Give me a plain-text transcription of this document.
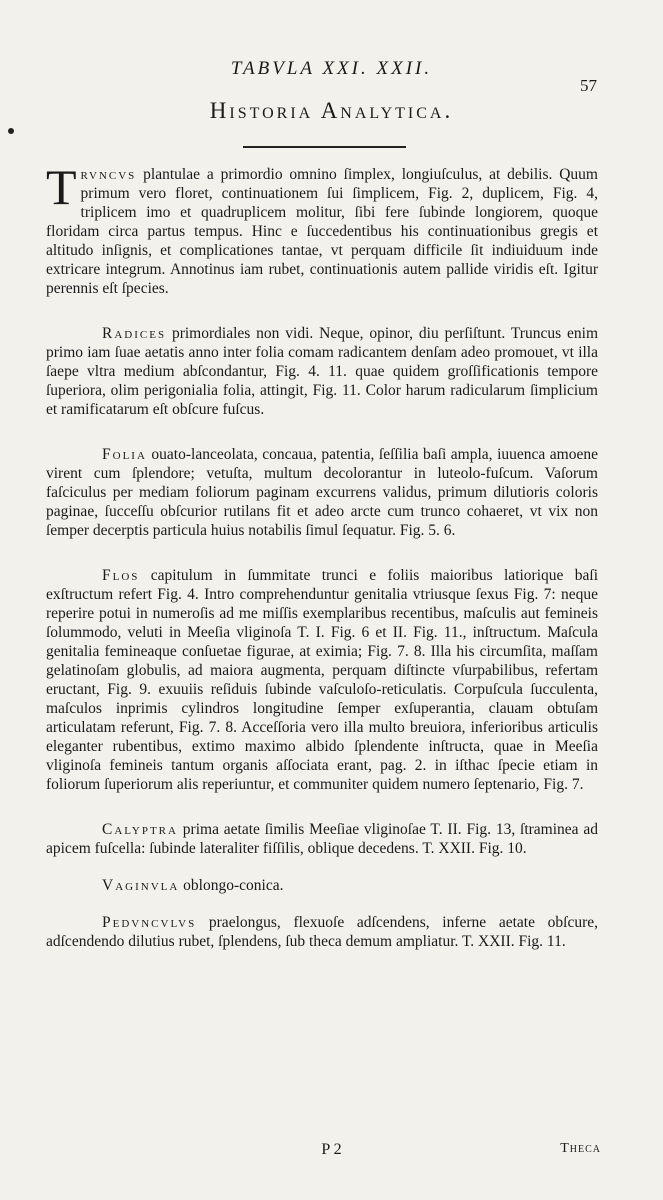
TABVLA XXI. XXII.
57
Historia Analytica.

Trvncvs plantulae a primordio omnino ſimplex, longiuſculus, at debilis. Quum primum vero floret, continuationem ſui ſimplicem, Fig. 2, duplicem, Fig. 4, triplicem imo et quadruplicem molitur, ſibi fere ſubinde longiorem, quoque floridam circa partus tempus. Hinc e ſuccedentibus his continuationibus gregis et altitudo inſignis, et complicationes tantae, vt perquam difficile ſit indiuiduum inde extricare integrum. Annotinus iam rubet, continuationis autem pallide viridis eſt. Igitur perennis eſt ſpecies.

Radices primordiales non vidi. Neque, opinor, diu perſiſtunt. Truncus enim primo iam ſuae aetatis anno inter folia comam radicantem denſam adeo promouet, vt illa ſaepe vltra medium abſcondantur, Fig. 4. 11. quae quidem groſſificationis tempore ſuperiora, olim perigonialia folia, attingit, Fig. 11. Color harum radicularum ſimplicium et ramificatarum eſt obſcure fuſcus.

Folia ouato-lanceolata, concaua, patentia, ſeſſilia baſi ampla, iuuenca amoene virent cum ſplendore; vetuſta, multum decolorantur in luteolo-fuſcum. Vaſorum faſciculus per mediam foliorum paginam excurrens validus, primum dilutioris coloris paginae, ſucceſſu obſcurior rutilans fit et adeo arcte cum trunco cohaeret, vt vix non ſemper decerptis particula huius notabilis ſimul ſequatur. Fig. 5. 6.

Flos capitulum in ſummitate trunci e foliis maioribus latiorique baſi exſtructum refert Fig. 4. Intro comprehenduntur genitalia vtriusque ſexus Fig. 7: neque reperire potui in numeroſis ad me miſſis exemplaribus recentibus, maſculis aut femineis ſolummodo, veluti in Meeſia vliginoſa T. I. Fig. 6 et II. Fig. 11., inſtructum. Maſcula genitalia femineaque conſuetae figurae, at eximia; Fig. 7. 8. Illa his circumſita, maſſam gelatinoſam globulis, ad maiora augmenta, perquam diſtincte vſurpabilibus, refertam eructant, Fig. 9. exuuiis reſiduis ſubinde vaſculoſo-reticulatis. Corpuſcula ſucculenta, maſculos inprimis cylindros longitudine ſemper exſuperantia, clauam obtuſam articulatam referunt, Fig. 7. 8. Acceſſoria vero illa multo breuiora, inferioribus articulis eleganter rubentibus, extimo maximo albido ſplendente inſtructa, quae in Meeſia vliginoſa femineis tantum organis aſſociata erant, pag. 2. in iſthac ſpecie etiam in foliorum ſuperiorum alis reperiuntur, et communiter quidem numero ſeptenario, Fig. 7.

Calyptra prima aetate ſimilis Meeſiae vliginoſae T. II. Fig. 13, ſtraminea ad apicem fuſcella: ſubinde lateraliter fiſſilis, oblique decedens. T. XXII. Fig. 10.

Vaginvla oblongo-conica.

Pedvncvlvs praelongus, flexuoſe adſcendens, inferne aetate obſcure, adſcendendo dilutius rubet, ſplendens, ſub theca demum ampliatur. T. XXII. Fig. 11.

P 2	Theca
